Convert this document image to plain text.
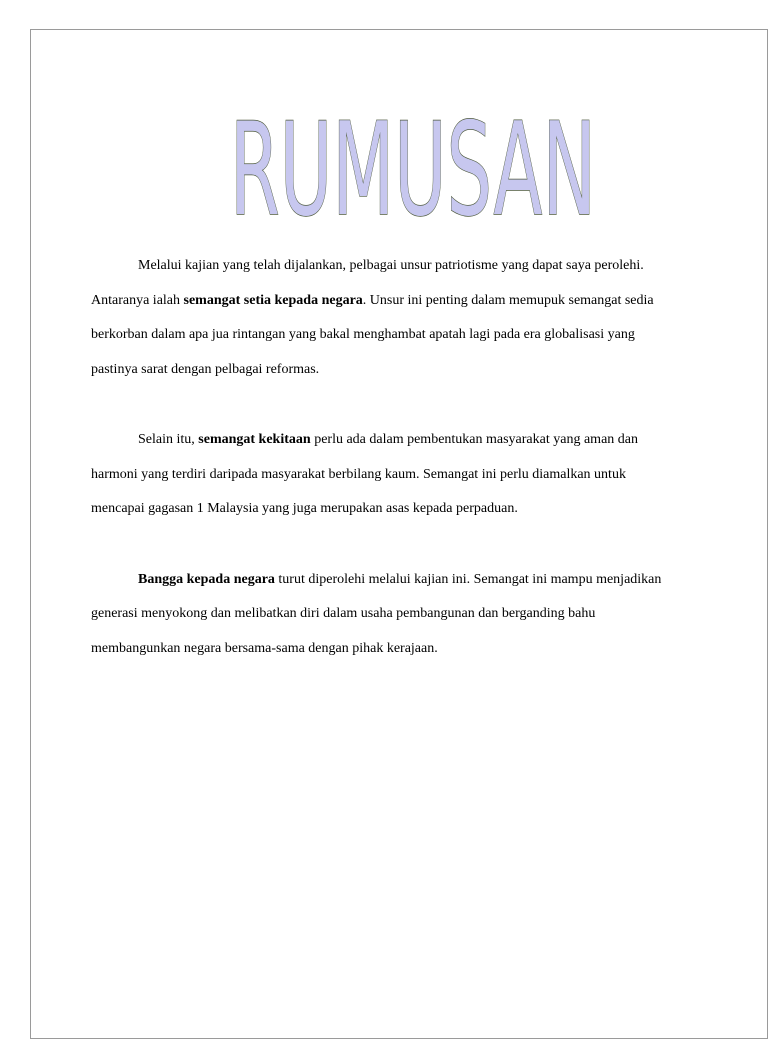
RUMUSAN

Melalui kajian yang telah dijalankan, pelbagai unsur patriotisme yang dapat saya perolehi. Antaranya ialah semangat setia kepada negara. Unsur ini penting dalam memupuk semangat sedia berkorban dalam apa jua rintangan yang bakal menghambat apatah lagi pada era globalisasi yang pastinya sarat dengan pelbagai reformas.

Selain itu, semangat kekitaan perlu ada dalam pembentukan masyarakat yang aman dan harmoni yang terdiri daripada masyarakat berbilang kaum. Semangat ini perlu diamalkan untuk mencapai gagasan 1 Malaysia yang juga merupakan asas kepada perpaduan.

Bangga kepada negara turut diperolehi melalui kajian ini. Semangat ini mampu menjadikan generasi menyokong dan melibatkan diri dalam usaha pembangunan dan berganding bahu membangunkan negara bersama-sama dengan pihak kerajaan.
